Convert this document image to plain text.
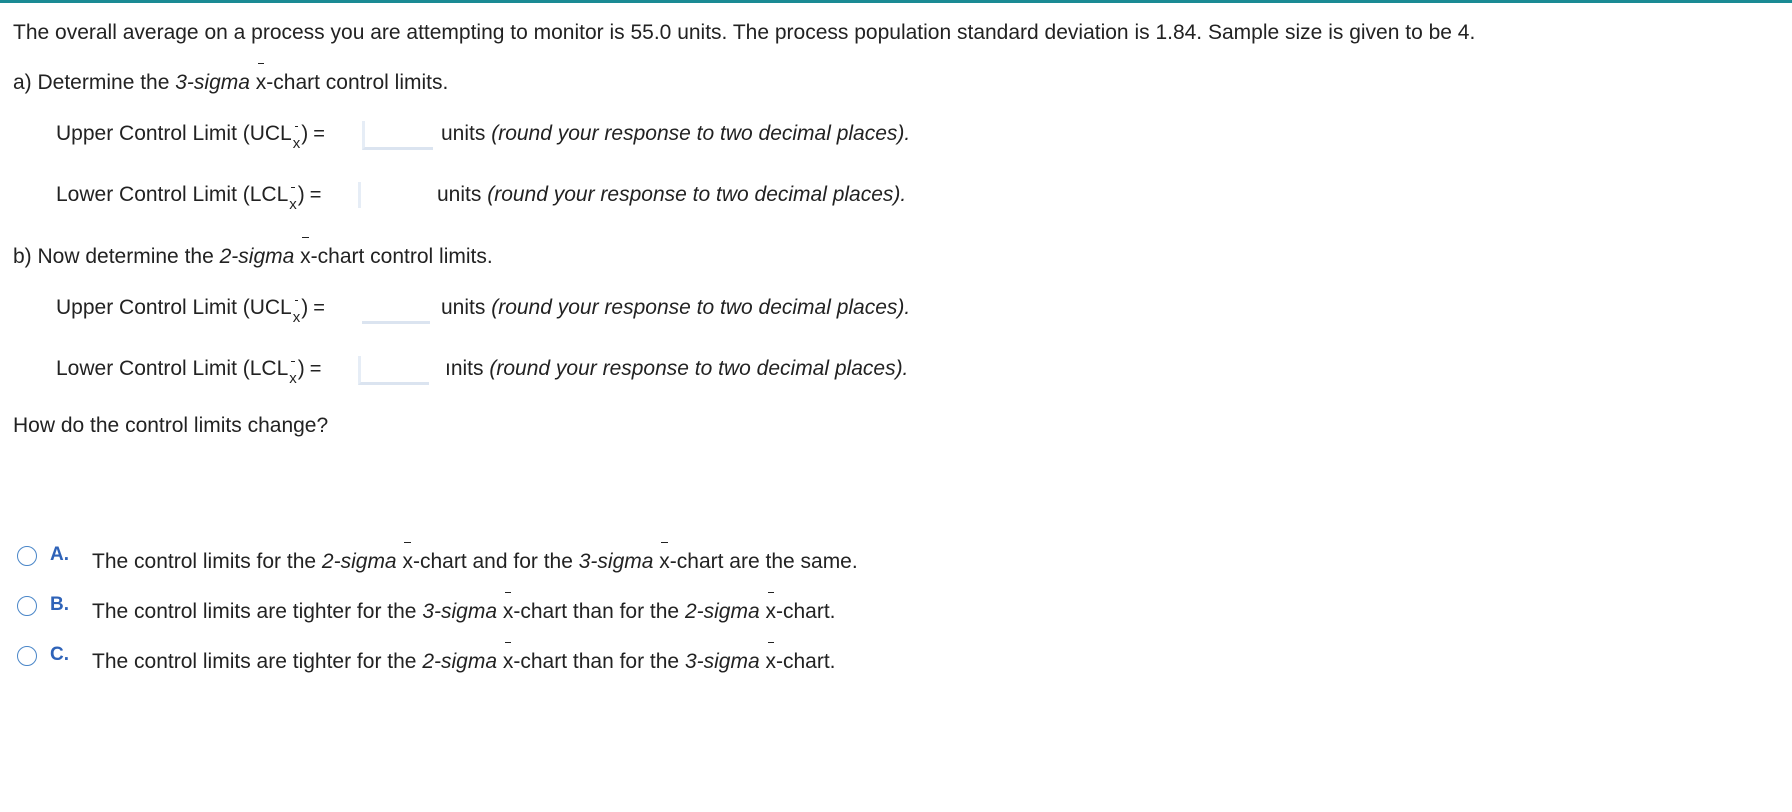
The overall average on a process you are attempting to monitor is 55.0 units. The process population standard deviation is 1.84. Sample size is given to be 4.
a) Determine the 3-sigma x-chart control limits.
Upper Control Limit (UCLx) =	units (round your response to two decimal places).
Lower Control Limit (LCLx) =	units (round your response to two decimal places).
b) Now determine the 2-sigma x-chart control limits.
Upper Control Limit (UCLx) =	units (round your response to two decimal places).
Lower Control Limit (LCLx) =	ınits (round your response to two decimal places).
How do the control limits change?
A. The control limits for the 2-sigma x-chart and for the 3-sigma x-chart are the same.
B. The control limits are tighter for the 3-sigma x-chart than for the 2-sigma x-chart.
C. The control limits are tighter for the 2-sigma x-chart than for the 3-sigma x-chart.
